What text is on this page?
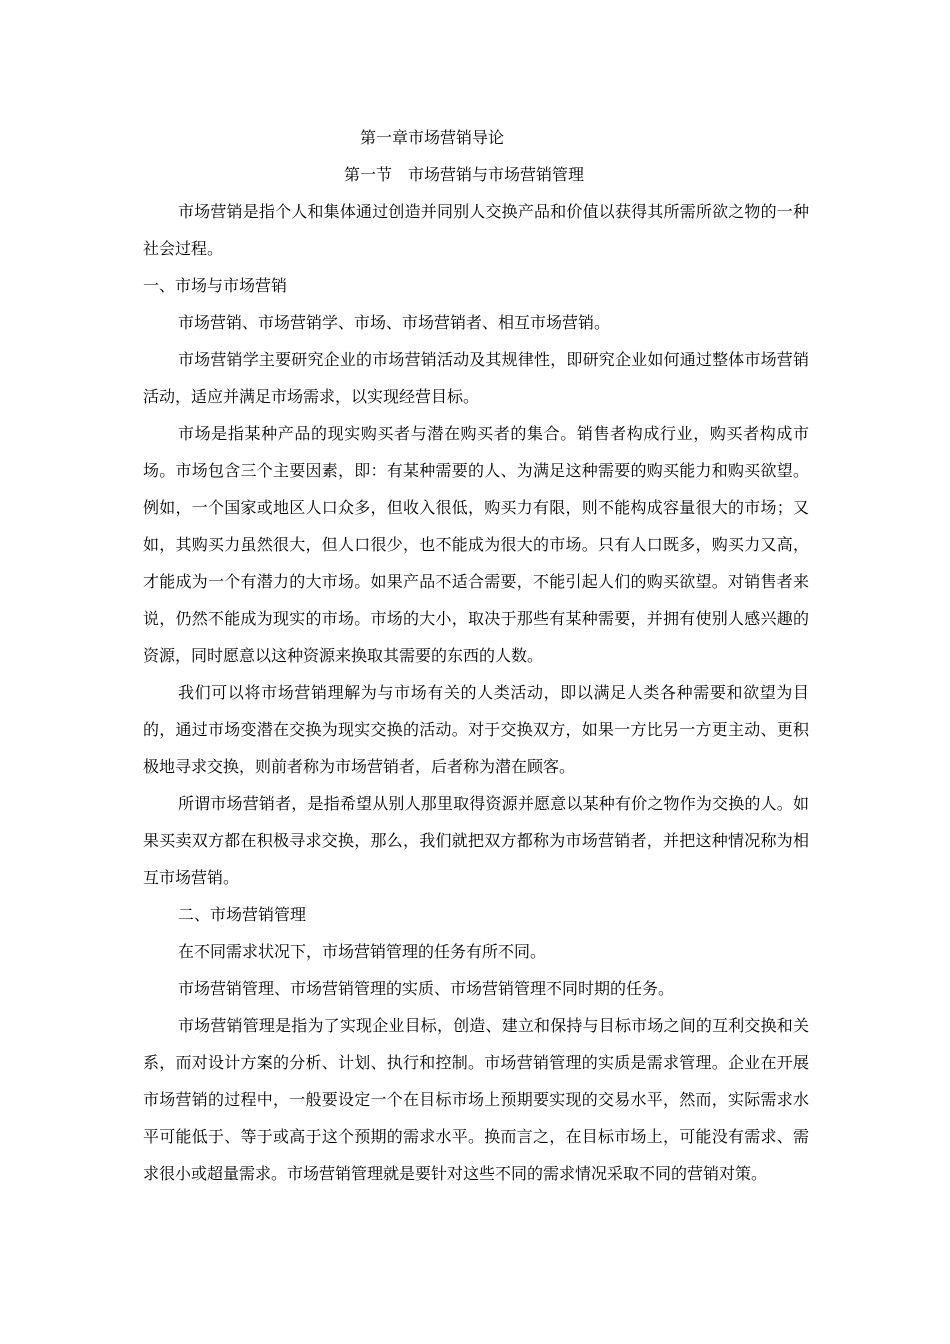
第一章市场营销导论
第一节　市场营销与市场营销管理

市场营销是指个人和集体通过创造并同别人交换产品和价值以获得其所需所欲之物的一种社会过程。

一、市场与市场营销

市场营销、市场营销学、市场、市场营销者、相互市场营销。

市场营销学主要研究企业的市场营销活动及其规律性，即研究企业如何通过整体市场营销活动，适应并满足市场需求，以实现经营目标。

市场是指某种产品的现实购买者与潜在购买者的集合。销售者构成行业，购买者构成市场。市场包含三个主要因素，即：有某种需要的人、为满足这种需要的购买能力和购买欲望。例如，一个国家或地区人口众多，但收入很低，购买力有限，则不能构成容量很大的市场；又如，其购买力虽然很大，但人口很少，也不能成为很大的市场。只有人口既多，购买力又高，才能成为一个有潜力的大市场。如果产品不适合需要，不能引起人们的购买欲望。对销售者来说，仍然不能成为现实的市场。市场的大小，取决于那些有某种需要，并拥有使别人感兴趣的资源，同时愿意以这种资源来换取其需要的东西的人数。

我们可以将市场营销理解为与市场有关的人类活动，即以满足人类各种需要和欲望为目的，通过市场变潜在交换为现实交换的活动。对于交换双方，如果一方比另一方更主动、更积极地寻求交换，则前者称为市场营销者，后者称为潜在顾客。

所谓市场营销者，是指希望从别人那里取得资源并愿意以某种有价之物作为交换的人。如果买卖双方都在积极寻求交换，那么，我们就把双方都称为市场营销者，并把这种情况称为相互市场营销。

二、市场营销管理

在不同需求状况下，市场营销管理的任务有所不同。

市场营销管理、市场营销管理的实质、市场营销管理不同时期的任务。

市场营销管理是指为了实现企业目标，创造、建立和保持与目标市场之间的互利交换和关系，而对设计方案的分析、计划、执行和控制。市场营销管理的实质是需求管理。企业在开展市场营销的过程中，一般要设定一个在目标市场上预期要实现的交易水平，然而，实际需求水平可能低于、等于或高于这个预期的需求水平。换而言之，在目标市场上，可能没有需求、需求很小或超量需求。市场营销管理就是要针对这些不同的需求情况采取不同的营销对策。
